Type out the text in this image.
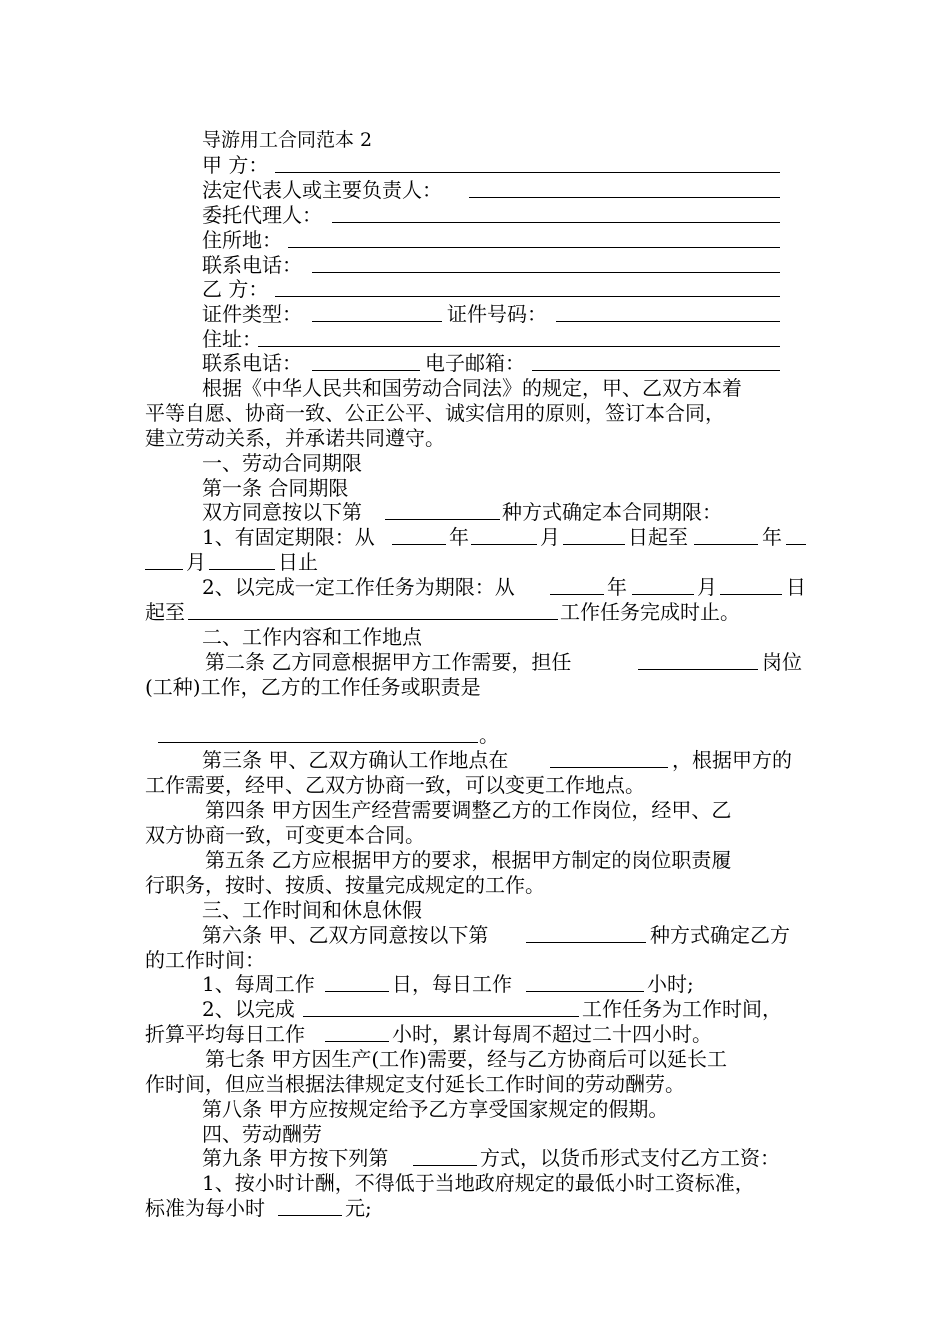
导游用工合同范本 2
甲 方：
法定代表人或主要负责人：
委托代理人：
住所地：
联系电话：
乙 方：
证件类型：	证件号码：
住址：
联系电话：	电子邮箱：
根据《中华人民共和国劳动合同法》的规定，甲、乙双方本着
平等自愿、协商一致、公正公平、诚实信用的原则，签订本合同，
建立劳动关系，并承诺共同遵守。
一、劳动合同期限
第一条 合同期限
双方同意按以下第	种方式确定本合同期限：
1、有固定期限：从	年	月	日起至	年
月	日止
2、以完成一定工作任务为期限：从	年	月	日
起至	工作任务完成时止。
二、工作内容和工作地点
第二条 乙方同意根据甲方工作需要，担任	岗位
(工种)工作，乙方的工作任务或职责是
。
第三条 甲、乙双方确认工作地点在	，根据甲方的
工作需要，经甲、乙双方协商一致，可以变更工作地点。
第四条 甲方因生产经营需要调整乙方的工作岗位，经甲、乙
双方协商一致，可变更本合同。
第五条 乙方应根据甲方的要求，根据甲方制定的岗位职责履
行职务，按时、按质、按量完成规定的工作。
三、工作时间和休息休假
第六条 甲、乙双方同意按以下第	种方式确定乙方
的工作时间：
1、每周工作	日，每日工作	小时;
2、以完成	工作任务为工作时间，
折算平均每日工作	小时，累计每周不超过二十四小时。
第七条 甲方因生产(工作)需要，经与乙方协商后可以延长工
作时间，但应当根据法律规定支付延长工作时间的劳动酬劳。
第八条 甲方应按规定给予乙方享受国家规定的假期。
四、劳动酬劳
第九条 甲方按下列第	方式，以货币形式支付乙方工资：
1、按小时计酬，不得低于当地政府规定的最低小时工资标准，
标准为每小时	元;
